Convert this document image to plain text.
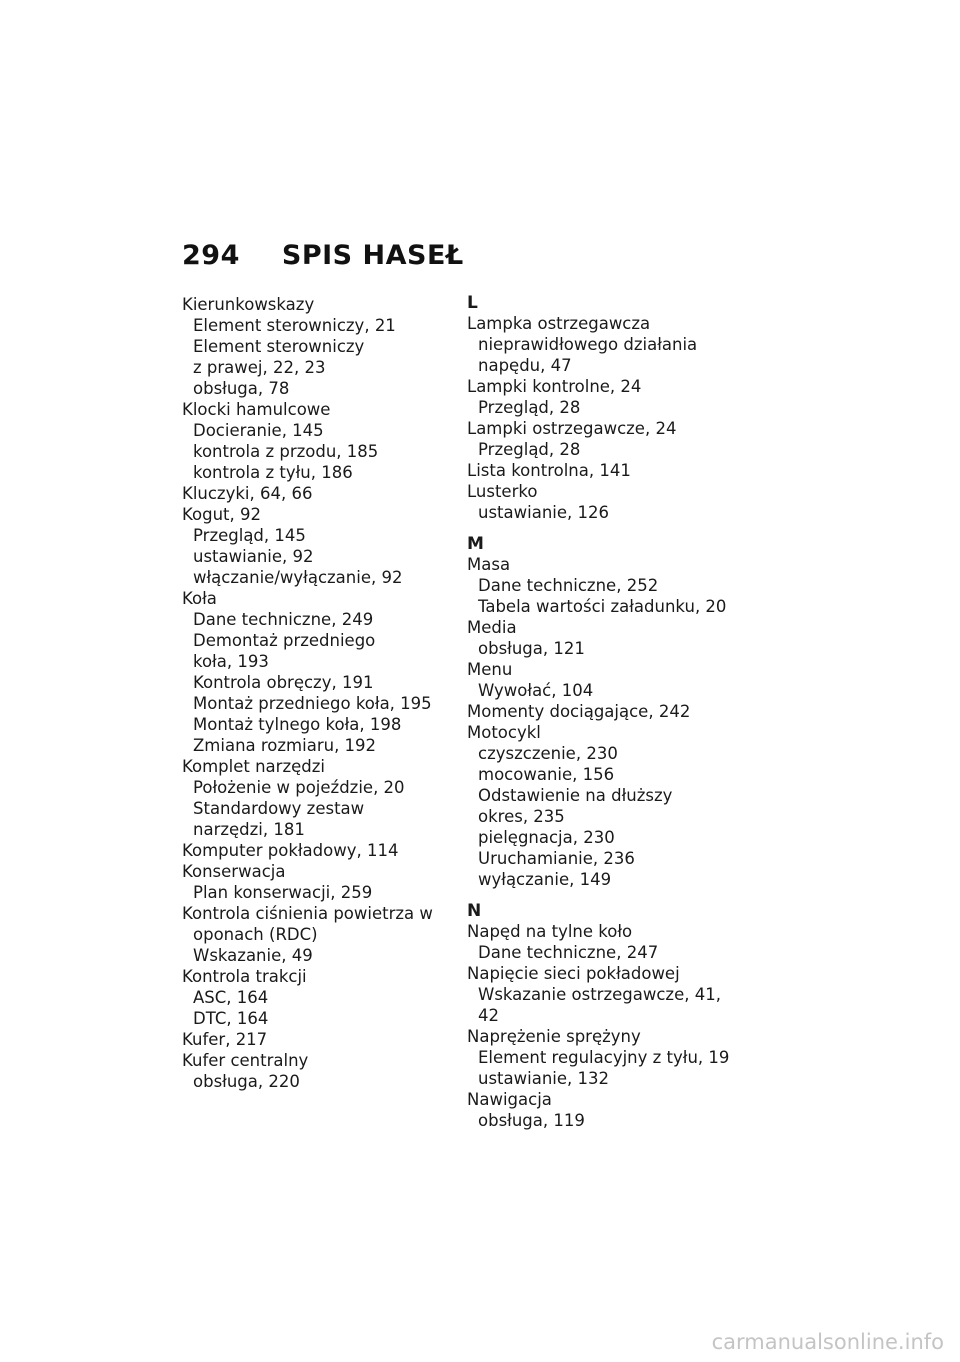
294 SPIS HASEŁ
Kierunkowskazy
Element sterowniczy, 21
Element sterowniczy
z prawej, 22, 23
obsługa, 78
Klocki hamulcowe
Docieranie, 145
kontrola z przodu, 185
kontrola z tyłu, 186
Kluczyki, 64, 66
Kogut, 92
Przegląd, 145
ustawianie, 92
włączanie/wyłączanie, 92
Koła
Dane techniczne, 249
Demontaż przedniego
koła, 193
Kontrola obręczy, 191
Montaż przedniego koła, 195
Montaż tylnego koła, 198
Zmiana rozmiaru, 192
Komplet narzędzi
Położenie w pojeździe, 20
Standardowy zestaw
narzędzi, 181
Komputer pokładowy, 114
Konserwacja
Plan konserwacji, 259
Kontrola ciśnienia powietrza w
oponach (RDC)
Wskazanie, 49
Kontrola trakcji
ASC, 164
DTC, 164
Kufer, 217
Kufer centralny
obsługa, 220
L
Lampka ostrzegawcza
nieprawidłowego działania
napędu, 47
Lampki kontrolne, 24
Przegląd, 28
Lampki ostrzegawcze, 24
Przegląd, 28
Lista kontrolna, 141
Lusterko
ustawianie, 126
M
Masa
Dane techniczne, 252
Tabela wartości załadunku, 20
Media
obsługa, 121
Menu
Wywołać, 104
Momenty dociągające, 242
Motocykl
czyszczenie, 230
mocowanie, 156
Odstawienie na dłuższy
okres, 235
pielęgnacja, 230
Uruchamianie, 236
wyłączanie, 149
N
Napęd na tylne koło
Dane techniczne, 247
Napięcie sieci pokładowej
Wskazanie ostrzegawcze, 41,
42
Naprężenie sprężyny
Element regulacyjny z tyłu, 19
ustawianie, 132
Nawigacja
obsługa, 119
carmanualsonline.info
